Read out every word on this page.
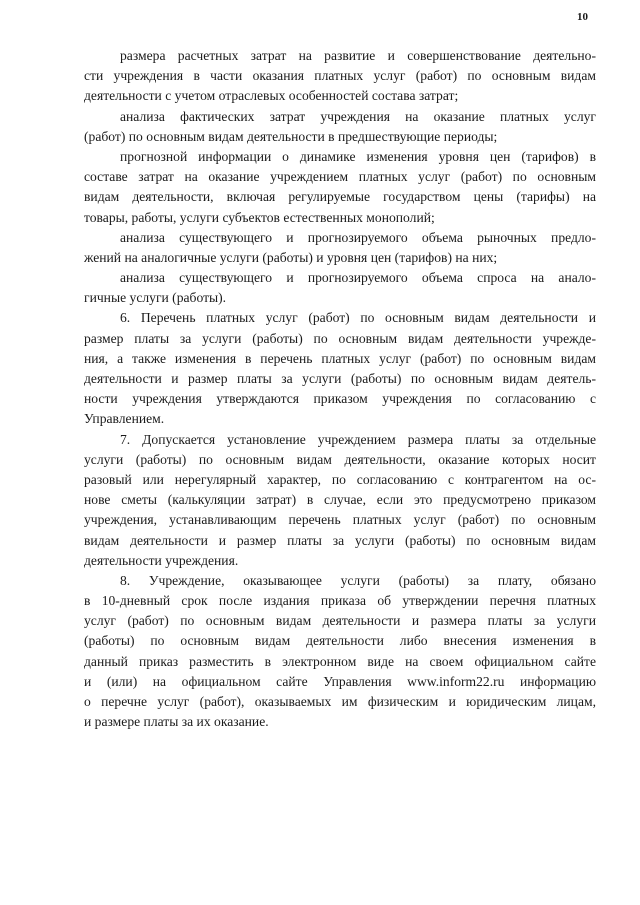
10
размера расчетных затрат на развитие и совершенствование деятельно-
сти учреждения в части оказания платных услуг (работ) по основным видам
деятельности с учетом отраслевых особенностей состава затрат;
анализа фактических затрат учреждения на оказание платных услуг
(работ) по основным видам деятельности в предшествующие периоды;
прогнозной информации о динамике изменения уровня цен (тарифов) в
составе затрат на оказание учреждением платных услуг (работ) по основным
видам деятельности, включая регулируемые государством цены (тарифы) на
товары, работы, услуги субъектов естественных монополий;
анализа существующего и прогнозируемого объема рыночных предло-
жений на аналогичные услуги (работы) и уровня цен (тарифов) на них;
анализа существующего и прогнозируемого объема спроса на анало-
гичные услуги (работы).
6. Перечень платных услуг (работ) по основным видам деятельности и
размер платы за услуги (работы) по основным видам деятельности учрежде-
ния, а также изменения в перечень платных услуг (работ) по основным видам
деятельности и размер платы за услуги (работы) по основным видам деятель-
ности учреждения утверждаются приказом учреждения по согласованию с
Управлением.
7. Допускается установление учреждением размера платы за отдельные
услуги (работы) по основным видам деятельности, оказание которых носит
разовый или нерегулярный характер, по согласованию с контрагентом на ос-
нове сметы (калькуляции затрат) в случае, если это предусмотрено приказом
учреждения, устанавливающим перечень платных услуг (работ) по основным
видам деятельности и размер платы за услуги (работы) по основным видам
деятельности учреждения.
8. Учреждение, оказывающее услуги (работы) за плату, обязано
в 10-дневный срок после издания приказа об утверждении перечня платных
услуг (работ) по основным видам деятельности и размера платы за услуги
(работы) по основным видам деятельности либо внесения изменения в
данный приказ разместить в электронном виде на своем официальном сайте
и (или) на официальном сайте Управления www.inform22.ru информацию
о перечне услуг (работ), оказываемых им физическим и юридическим лицам,
и размере платы за их оказание.
